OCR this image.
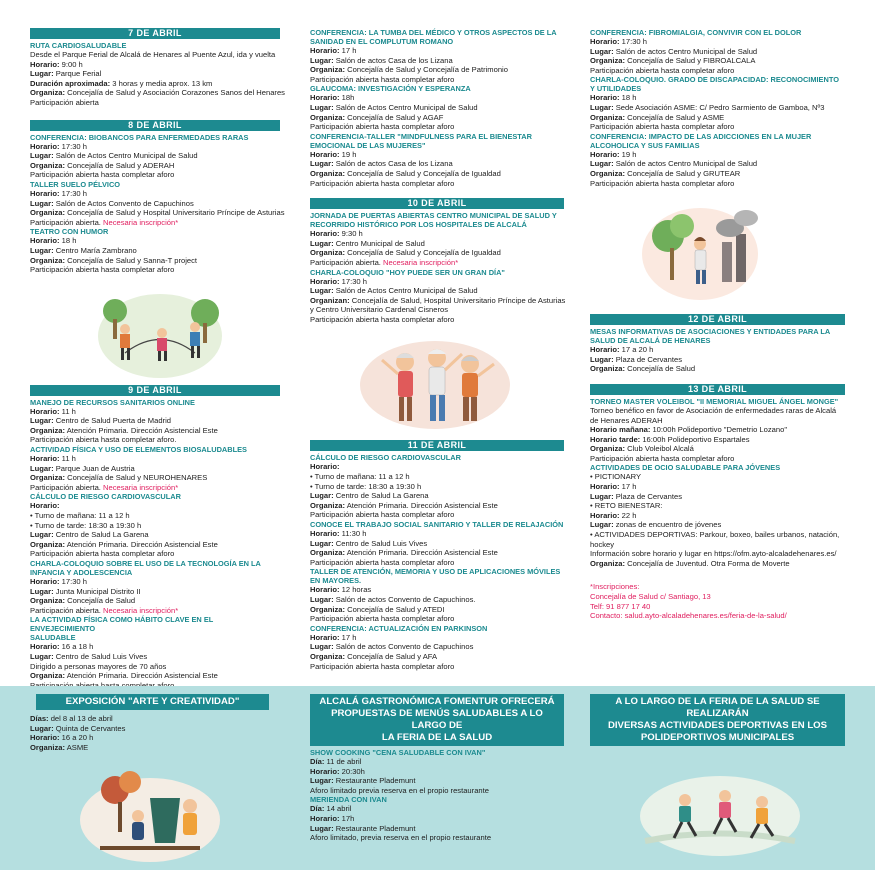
7 DE ABRIL
RUTA CARDIOSALUDABLE
Desde el Parque Ferial de Alcalá de Henares al Puente Azul, ida y vuelta
Horario: 9:00 h
Lugar: Parque Ferial
Duración aproximada: 3 horas y media aprox. 13 km
Organiza: Concejalía de Salud y Asociación Corazones Sanos del Henares
Participación abierta
8 DE ABRIL
CONFERENCIA: BIOBANCOS PARA ENFERMEDADES RARAS
Horario: 17:30 h
Lugar: Salón de Actos Centro Municipal de Salud
Organiza: Concejalía de Salud y ADERAH
Participación abierta hasta completar aforo
TALLER SUELO PÉLVICO
Horario: 17:30 h
Lugar: Salón de Actos Convento de Capuchinos
Organiza: Concejalía de Salud y Hospital Universitario Príncipe de Asturias
Participación abierta. Necesaria inscripción*
TEATRO CON HUMOR
Horario: 18 h
Lugar: Centro María Zambrano
Organiza: Concejalía de Salud y Sanna-T project
Participación abierta hasta completar aforo
9 DE ABRIL
MANEJO DE RECURSOS SANITARIOS ONLINE
Horario: 11 h
Lugar: Centro de Salud Puerta de Madrid
Organiza: Atención Primaria. Dirección Asistencial Este
Participación abierta hasta completar aforo.
ACTIVIDAD FÍSICA Y USO DE ELEMENTOS BIOSALUDABLES
Horario: 11 h
Lugar: Parque Juan de Austria
Organiza: Concejalía de Salud y NEUROHENARES
Participación abierta. Necesaria inscripción*
CÁLCULO DE RIESGO CARDIOVASCULAR
Horario:
• Turno de mañana: 11 a 12 h
• Turno de tarde: 18:30 a 19:30 h
Lugar: Centro de Salud La Garena
Organiza: Atención Primaria. Dirección Asistencial Este
Participación abierta hasta completar aforo
CHARLA-COLOQUIO SOBRE EL USO DE LA TECNOLOGÍA EN LA
INFANCIA Y ADOLESCENCIA
Horario: 17:30 h
Lugar: Junta Municipal Distrito II
Organiza: Concejalía de Salud
Participación abierta. Necesaria inscripción*
LA ACTIVIDAD FÍSICA COMO HÁBITO CLAVE EN EL ENVEJECIMIENTO
SALUDABLE
Horario: 16 a 18 h
Lugar: Centro de Salud Luis Vives
Dirigido a personas mayores de 70 años
Organiza: Atención Primaria. Dirección Asistencial Este
CONFERENCIA: LA TUMBA DEL MÉDICO Y OTROS ASPECTOS DE LA
SANIDAD EN EL COMPLUTUM ROMANO
Horario: 17 h
Lugar: Salón de actos Casa de los Lizana
Organiza: Concejalía de Salud y Concejalía de Patrimonio
Participación abierta hasta completar aforo
GLAUCOMA: INVESTIGACIÓN Y ESPERANZA
Horario: 18h
Lugar: Salón de Actos Centro Municipal de Salud
Organiza: Concejalía de Salud y AGAF
Participación abierta hasta completar aforo
CONFERENCIA-TALLER "MINDFULNESS PARA EL BIENESTAR
EMOCIONAL DE LAS MUJERES"
Horario: 19 h
Lugar: Salón de actos Casa de los Lizana
Organiza: Concejalía de Salud y Concejalía de Igualdad
Participación abierta hasta completar aforo
10 DE ABRIL
JORNADA DE PUERTAS ABIERTAS CENTRO MUNICIPAL DE SALUD Y
RECORRIDO HISTÓRICO POR LOS HOSPITALES DE ALCALÁ
Horario: 9:30 h
Lugar: Centro Municipal de Salud
Organiza: Concejalía de Salud y Concejalía de Igualdad
Participación abierta. Necesaria inscripción*
CHARLA-COLOQUIO "HOY PUEDE SER UN GRAN DÍA"
Horario: 17:30 h
Lugar: Salón de Actos Centro Municipal de Salud
Organizan: Concejalía de Salud, Hospital Universitario Príncipe de Asturias
y Centro Universitario Cardenal Cisneros
Participación abierta hasta completar aforo
11 DE ABRIL
CÁLCULO DE RIESGO CARDIOVASCULAR
Horario:
• Turno de mañana: 11 a 12 h
• Turno de tarde: 18:30 a 19:30 h
Lugar: Centro de Salud La Garena
Organiza: Atención Primaria. Dirección Asistencial Este
Participación abierta hasta completar aforo
CONOCE EL TRABAJO SOCIAL SANITARIO Y TALLER DE RELAJACIÓN
Horario: 11:30 h
Lugar: Centro de Salud Luis Vives
Organiza: Atención Primaria. Dirección Asistencial Este
Participación abierta hasta completar aforo
TALLER DE ATENCIÓN, MEMORIA Y USO DE APLICACIONES MÓVILES
EN MAYORES.
Horario: 12 horas
Lugar: Salón de actos Convento de Capuchinos.
Organiza: Concejalía de Salud y ATEDI
Participación abierta hasta completar aforo
CONFERENCIA: ACTUALIZACIÓN EN PARKINSON
Horario: 17 h
Lugar: Salón de actos Convento de Capuchinos
Organiza: Concejalía de Salud y AFA
Participación abierta hasta completar aforo
CONFERENCIA: FIBROMIALGIA, CONVIVIR CON EL DOLOR
Horario: 17:30 h
Lugar: Salón de actos Centro Municipal de Salud
Organiza: Concejalía de Salud y FIBROALCALA
Participación abierta hasta completar aforo
CHARLA-COLOQUIO. GRADO DE DISCAPACIDAD: RECONOCIMIENTO
Y UTILIDADES
Horario: 18 h
Lugar: Sede Asociación ASME: C/ Pedro Sarmiento de Gamboa, Nº3
Organiza: Concejalía de Salud y ASME
Participación abierta hasta completar aforo
CONFERENCIA: IMPACTO DE LAS ADICCIONES EN LA MUJER
ALCOHOLICA Y SUS FAMILIAS
Horario: 19 h
Lugar: Salón de actos Centro Municipal de Salud
Organiza: Concejalía de Salud y GRUTEAR
Participación abierta hasta completar aforo
12 DE ABRIL
MESAS INFORMATIVAS DE ASOCIACIONES Y ENTIDADES PARA LA
SALUD DE ALCALÁ DE HENARES
Horario: 17 a 20 h
Lugar: Plaza de Cervantes
Organiza: Concejalía de Salud
13 DE ABRIL
TORNEO MASTER VOLEIBOL "II MEMORIAL MIGUEL ÁNGEL MONGE"
Torneo benéfico en favor de Asociación de enfermedades raras de Alcalá
de Henares ADERAH
Horario mañana: 10:00h Polideportivo "Demetrio Lozano"
Horario tarde: 16:00h Polideportivo Espartales
Organiza: Club Voleibol Alcalá
Participación abierta hasta completar aforo
ACTIVIDADES DE OCIO SALUDABLE PARA JÓVENES
• PICTIONARY
Horario: 17 h
Lugar: Plaza de Cervantes
• RETO BIENESTAR:
Horario: 22 h
Lugar: zonas de encuentro de jóvenes
• ACTIVIDADES DEPORTIVAS: Parkour, boxeo, bailes urbanos, natación,
hockey
Información sobre horario y lugar en https://ofm.ayto-alcaladehenares.es/
Organiza: Concejalía de Juventud. Otra Forma de Moverte
*Inscripciones:
Concejalía de Salud c/ Santiago, 13
Telf: 91 877 17 40
Contacto: salud.ayto-alcaladehenares.es/feria-de-la-salud/
EXPOSICIÓN "ARTE Y CREATIVIDAD"
Días: del 8 al 13 de abril
Lugar: Quinta de Cervantes
Horario: 16 a 20 h
Organiza: ASME
ALCALÁ GASTRONÓMICA FOMENTUR OFRECERÁ
PROPUESTAS DE MENÚS SALUDABLES A LO LARGO DE
LA FERIA DE LA SALUD
SHOW COOKING "CENA SALUDABLE CON IVAN"
Día: 11 de abril
Horario: 20:30h
Lugar: Restaurante Plademunt
Aforo limitado previa reserva en el propio restaurante
MERIENDA CON IVAN
Día: 14 abril
Horario: 17h
Lugar: Restaurante Plademunt
Aforo limitado, previa reserva en el propio restaurante
A LO LARGO DE LA FERIA DE LA SALUD SE REALIZARÁN
DIVERSAS ACTIVIDADES DEPORTIVAS EN LOS
POLIDEPORTIVOS MUNICIPALES
